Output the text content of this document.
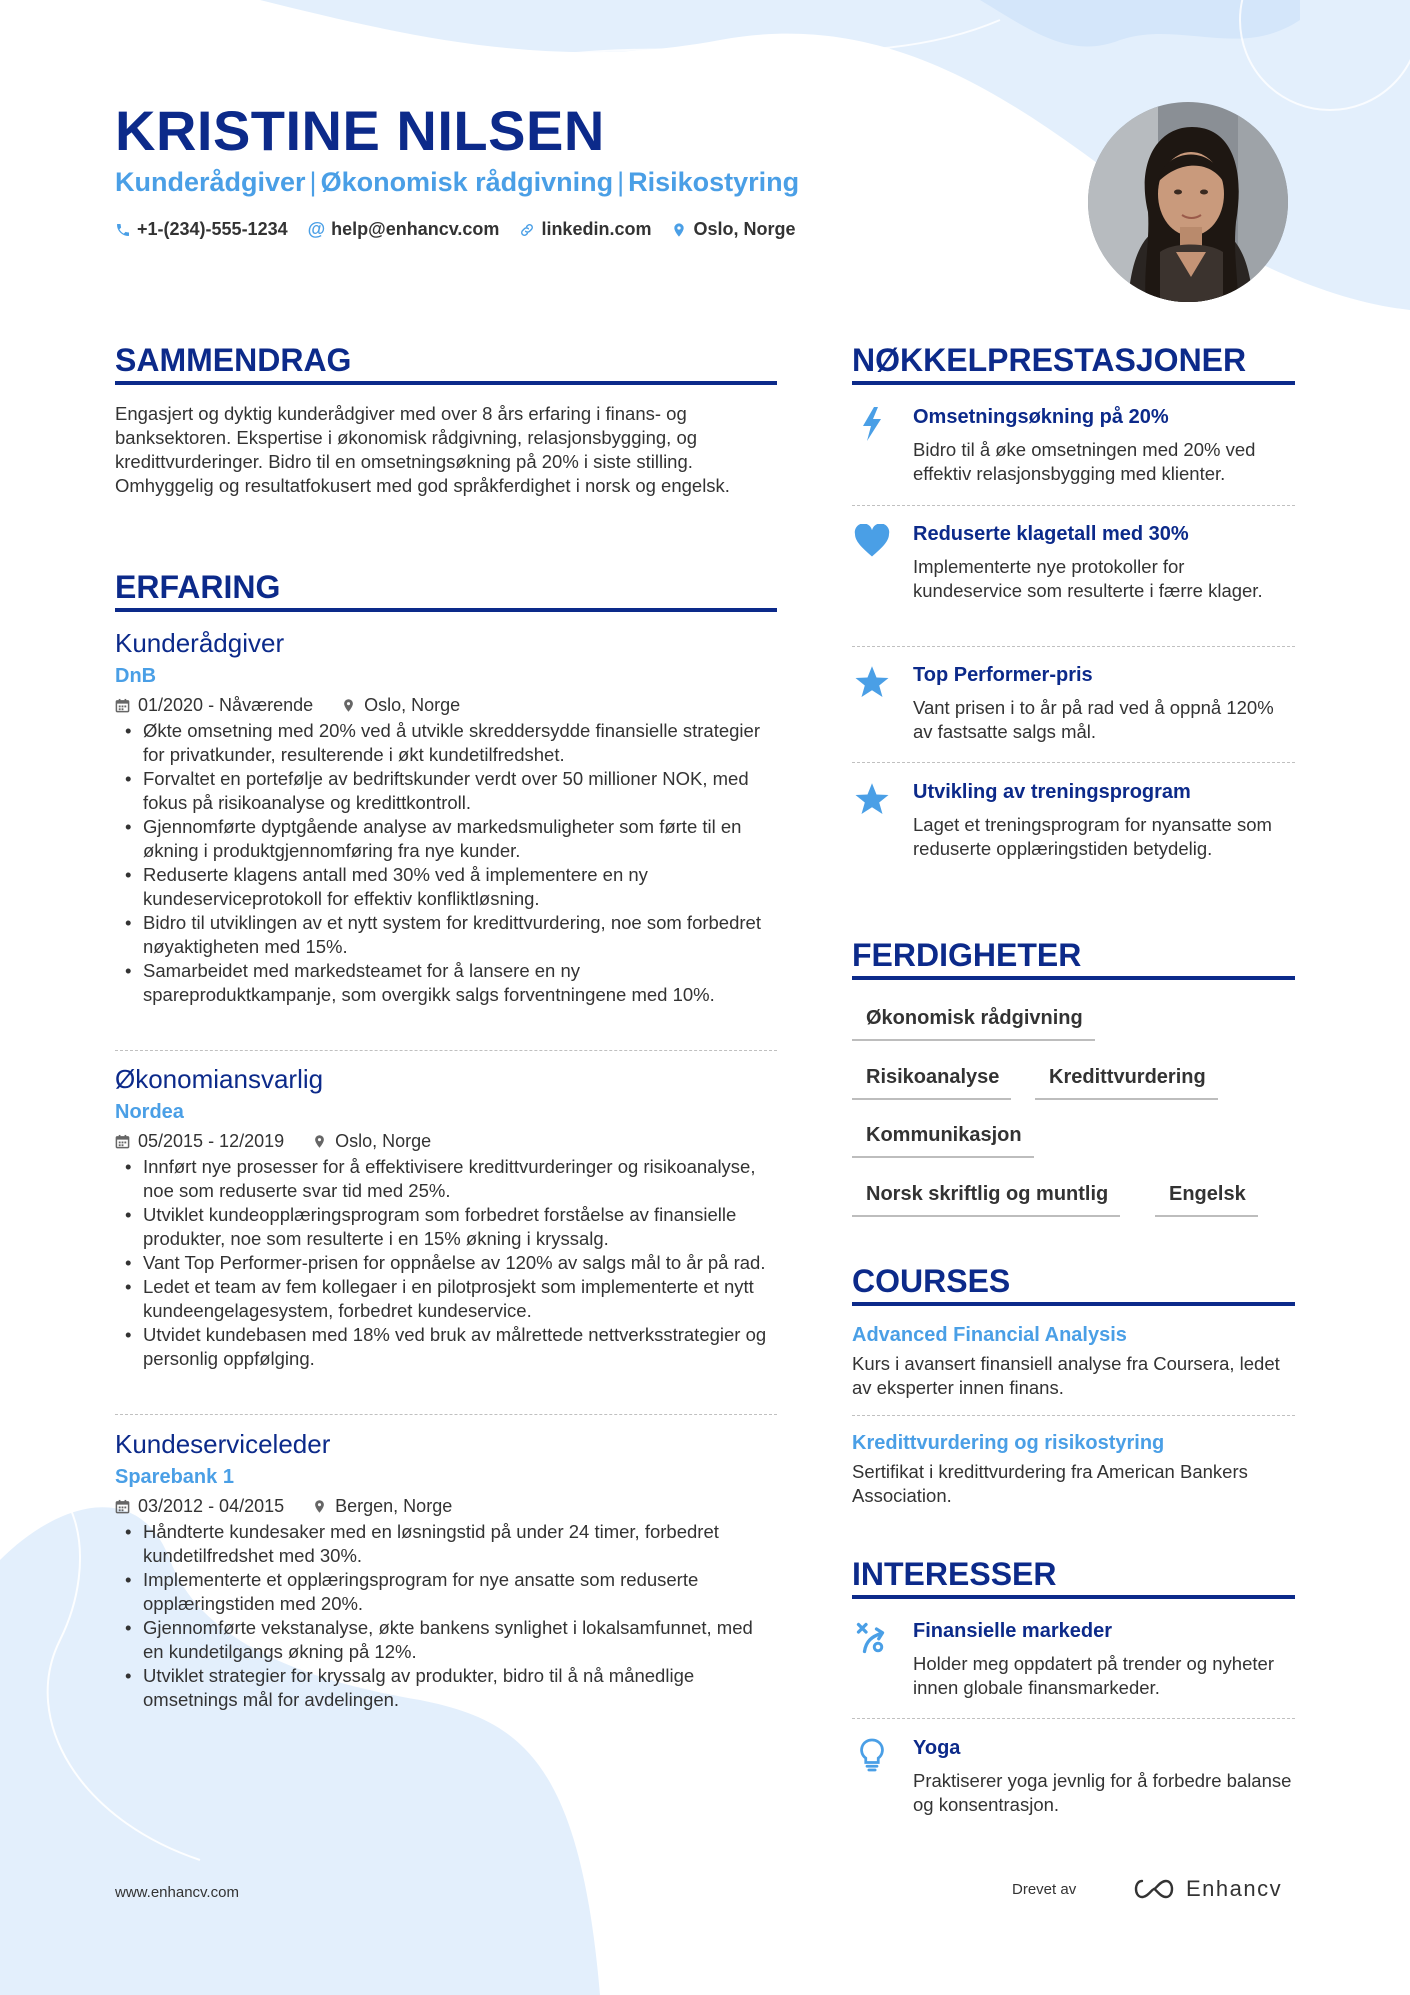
KRISTINE NILSEN
Kunderådgiver | Økonomisk rådgivning | Risikostyring
+1-(234)-555-1234 @ help@enhancv.com linkedin.com Oslo, Norge
SAMMENDRAG
Engasjert og dyktig kunderådgiver med over 8 års erfaring i finans- og banksektoren. Ekspertise i økonomisk rådgivning, relasjonsbygging, og kredittvurderinger. Bidro til en omsetningsøkning på 20% i siste stilling. Omhyggelig og resultatfokusert med god språkferdighet i norsk og engelsk.
ERFARING
Kunderådgiver
DnB
01/2020 - Nåværende	Oslo, Norge
• Økte omsetning med 20% ved å utvikle skreddersydde finansielle strategier for privatkunder, resulterende i økt kundetilfredshet.
• Forvaltet en portefølje av bedriftskunder verdt over 50 millioner NOK, med fokus på risikoanalyse og kredittkontroll.
• Gjennomførte dyptgående analyse av markedsmuligheter som førte til en økning i produktgjennomføring fra nye kunder.
• Reduserte klagens antall med 30% ved å implementere en ny kundeserviceprotokoll for effektiv konfliktløsning.
• Bidro til utviklingen av et nytt system for kredittvurdering, noe som forbedret nøyaktigheten med 15%.
• Samarbeidet med markedsteamet for å lansere en ny spareproduktkampanje, som overgikk salgs forventningene med 10%.
Økonomiansvarlig
Nordea
05/2015 - 12/2019	Oslo, Norge
• Innført nye prosesser for å effektivisere kredittvurderinger og risikoanalyse, noe som reduserte svar tid med 25%.
• Utviklet kundeopplæringsprogram som forbedret forståelse av finansielle produkter, noe som resulterte i en 15% økning i kryssalg.
• Vant Top Performer-prisen for oppnåelse av 120% av salgs mål to år på rad.
• Ledet et team av fem kollegaer i en pilotprosjekt som implementerte et nytt kundeengelagesystem, forbedret kundeservice.
• Utvidet kundebasen med 18% ved bruk av målrettede nettverksstrategier og personlig oppfølging.
Kundeserviceleder
Sparebank 1
03/2012 - 04/2015	Bergen, Norge
• Håndterte kundesaker med en løsningstid på under 24 timer, forbedret kundetilfredshet med 30%.
• Implementerte et opplæringsprogram for nye ansatte som reduserte opplæringstiden med 20%.
• Gjennomførte vekstanalyse, økte bankens synlighet i lokalsamfunnet, med en kundetilgangs økning på 12%.
• Utviklet strategier for kryssalg av produkter, bidro til å nå månedlige omsetnings mål for avdelingen.
NØKKELPRESTASJONER
Omsetningsøkning på 20%
Bidro til å øke omsetningen med 20% ved effektiv relasjonsbygging med klienter.
Reduserte klagetall med 30%
Implementerte nye protokoller for kundeservice som resulterte i færre klager.
Top Performer-pris
Vant prisen i to år på rad ved å oppnå 120% av fastsatte salgs mål.
Utvikling av treningsprogram
Laget et treningsprogram for nyansatte som reduserte opplæringstiden betydelig.
FERDIGHETER
Økonomisk rådgivning
Risikoanalyse	Kredittvurdering
Kommunikasjon
Norsk skriftlig og muntlig	Engelsk
COURSES
Advanced Financial Analysis
Kurs i avansert finansiell analyse fra Coursera, ledet av eksperter innen finans.
Kredittvurdering og risikostyring
Sertifikat i kredittvurdering fra American Bankers Association.
INTERESSER
Finansielle markeder
Holder meg oppdatert på trender og nyheter innen globale finansmarkeder.
Yoga
Praktiserer yoga jevnlig for å forbedre balanse og konsentrasjon.
www.enhancv.com	Drevet av	Enhancv
